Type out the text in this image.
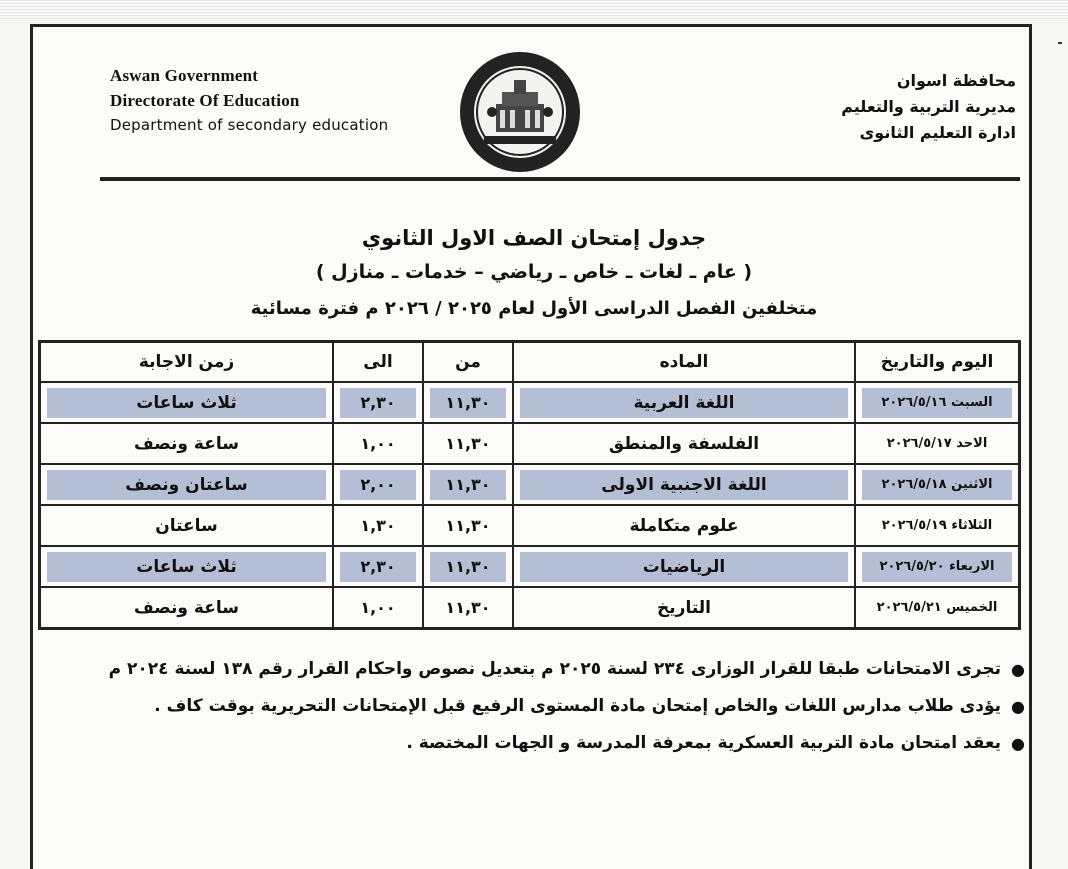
Aswan Government
Directorate Of Education
Department of secondary education
محافظة اسوان
مديرية التربية والتعليم
ادارة التعليم الثانوى
جدول إمتحان الصف الاول الثانوي
( عام ـ لغات ـ خاص ـ رياضي – خدمات ـ منازل )
متخلفين الفصل الدراسى الأول لعام ٢٠٢٥ / ٢٠٢٦ م فترة مسائية
اليوم والتاريخ	الماده	من	الى	زمن الاجابة

السبت ٢٠٢٦/٥/١٦	اللغة العربية	١١,٣٠	٢,٣٠	ثلاث ساعات

الاحد ٢٠٢٦/٥/١٧	الفلسفة والمنطق	١١,٣٠	١,٠٠	ساعة ونصف

الاثنين ٢٠٢٦/٥/١٨	اللغة الاجنبية الاولى	١١,٣٠	٢,٠٠	ساعتان ونصف

الثلاثاء ٢٠٢٦/٥/١٩	علوم متكاملة	١١,٣٠	١,٣٠	ساعتان

الاربعاء ٢٠٢٦/٥/٢٠	الرياضيات	١١,٣٠	٢,٣٠	ثلاث ساعات

الخميس ٢٠٢٦/٥/٢١	التاريخ	١١,٣٠	١,٠٠	ساعة ونصف
●
تجرى الامتحانات طبقا للقرار الوزارى ٢٣٤ لسنة ٢٠٢٥ م بتعديل نصوص واحكام القرار رقم ١٣٨ لسنة ٢٠٢٤ م
●
يؤدى طلاب مدارس اللغات والخاص إمتحان مادة المستوى الرفيع قبل الإمتحانات التحريرية بوقت كاف .
●
يعقد امتحان مادة التربية العسكرية بمعرفة المدرسة و الجهات المختصة .
